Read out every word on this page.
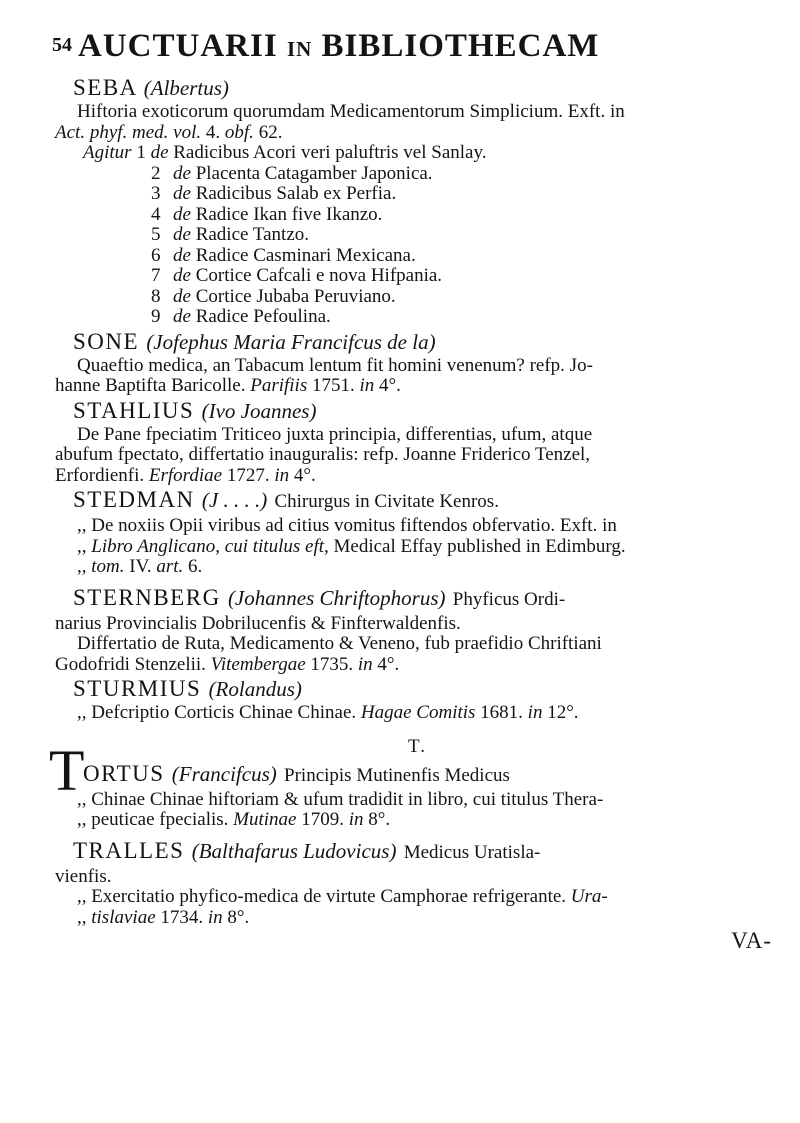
54 AUCTUARII IN BIBLIOTHECAM
SEBA (Albertus)
Hiftoria exoticorum quorumdam Medicamentorum Simplicium. Exft. in
Act. phyf. med. vol. 4. obf. 62.
Agitur 1 de Radicibus Acori veri paluftris vel Sanlay.
2 de Placenta Catagamber Japonica.
3 de Radicibus Salab ex Perfia.
4 de Radice Ikan five Ikanzo.
5 de Radice Tantzo.
6 de Radice Casminari Mexicana.
7 de Cortice Cafcali e nova Hifpania.
8 de Cortice Jubaba Peruviano.
9 de Radice Pefoulina.
SONE (Jofephus Maria Francifcus de la)
Quaeftio medica, an Tabacum lentum fit homini venenum? refp. Jo-
hanne Baptifta Baricolle. Parifiis 1751. in 4°.
STAHLIUS (Ivo Joannes)
De Pane fpeciatim Triticeo juxta principia, differentias, ufum, atque
abufum fpectato, differtatio inauguralis: refp. Joanne Friderico Tenzel,
Erfordienfi. Erfordiae 1727. in 4°.
STEDMAN (J . . . .) Chirurgus in Civitate Kenros.
,, De noxiis Opii viribus ad citius vomitus fiftendos obfervatio. Exft. in
,, Libro Anglicano, cui titulus eft, Medical Effay published in Edimburg.
,, tom. IV. art. 6.
STERNBERG (Johannes Chriftophorus) Phyficus Ordi-
narius Provincialis Dobrilucenfis & Finfterwaldenfis.
Differtatio de Ruta, Medicamento & Veneno, fub praefidio Chriftiani
Godofridi Stenzelii. Vitembergae 1735. in 4°.
STURMIUS (Rolandus)
,, Defcriptio Corticis Chinae Chinae. Hagae Comitis 1681. in 12°.
T.
T
ORTUS (Francifcus) Principis Mutinenfis Medicus
,, Chinae Chinae hiftoriam & ufum tradidit in libro, cui titulus Thera-
,, peuticae fpecialis. Mutinae 1709. in 8°.
TRALLES (Balthafarus Ludovicus) Medicus Uratisla-
vienfis.
,, Exercitatio phyfico-medica de virtute Camphorae refrigerante. Ura-
,, tislaviae 1734. in 8°.
VA-
